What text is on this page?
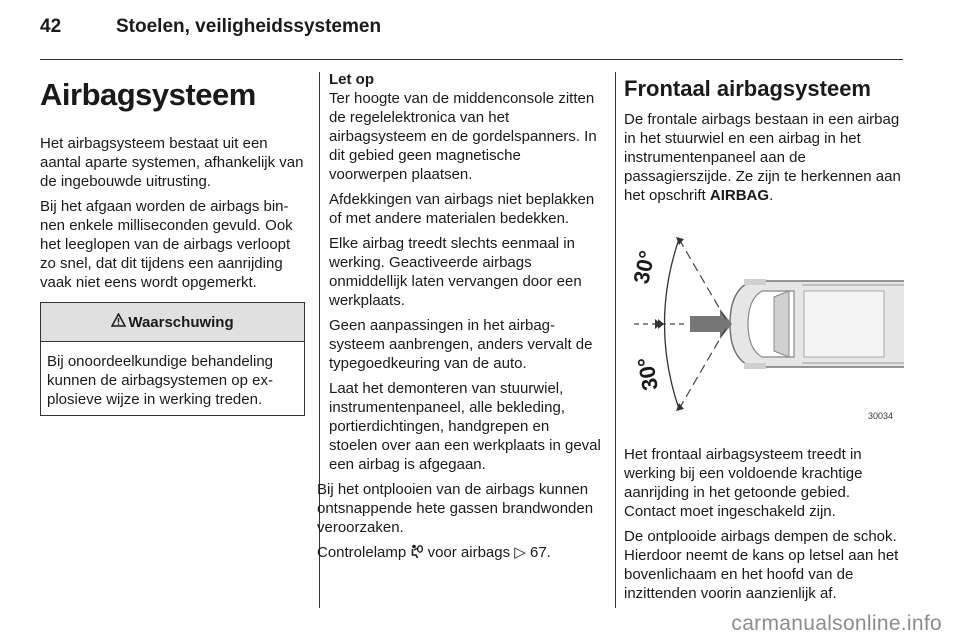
42	Stoelen, veiligheidssystemen
Airbagsysteem

Het airbagsysteem bestaat uit een aantal aparte systemen, afhankelijk van de ingebouwde uitrusting.

Bij het afgaan worden de airbags binnen enkele milliseconden gevuld. Ook het leeglopen van de airbags verloopt zo snel, dat dit tijdens een aanrijding vaak niet eens wordt opgemerkt.

Waarschuwing
Bij onoordeelkundige behandeling kunnen de airbagsystemen op explosieve wijze in werking treden.
Let op

Ter hoogte van de middenconsole zitten de regelelektronica van het airbagsysteem en de gordelspanners. In dit gebied geen magnetische voorwerpen plaatsen.

Afdekkingen van airbags niet beplakken of met andere materialen bedekken.

Elke airbag treedt slechts eenmaal in werking. Geactiveerde airbags onmiddellijk laten vervangen door een werkplaats.

Geen aanpassingen in het airbagsysteem aanbrengen, anders vervalt de typegoedkeuring van de auto.

Laat het demonteren van stuurwiel, instrumentenpaneel, alle bekleding, portierdichtingen, handgrepen en stoelen over aan een werkplaats in geval een airbag is afgegaan.

Bij het ontplooien van de airbags kunnen ontsnappende hete gassen brandwonden veroorzaken.

Controlelamp voor airbags ▷ 67.

Frontaal airbagsysteem

De frontale airbags bestaan in een airbag in het stuurwiel en een airbag in het instrumentenpaneel aan de passagierszijde. Ze zijn te herkennen aan het opschrift AIRBAG.

30°
30°
30034

Het frontaal airbagsysteem treedt in werking bij een voldoende krachtige aanrijding in het getoonde gebied. Contact moet ingeschakeld zijn.

De ontplooide airbags dempen de schok. Hierdoor neemt de kans op letsel aan het bovenlichaam en het hoofd van de inzittenden voorin aanzienlijk af.

carmanualsonline.info
